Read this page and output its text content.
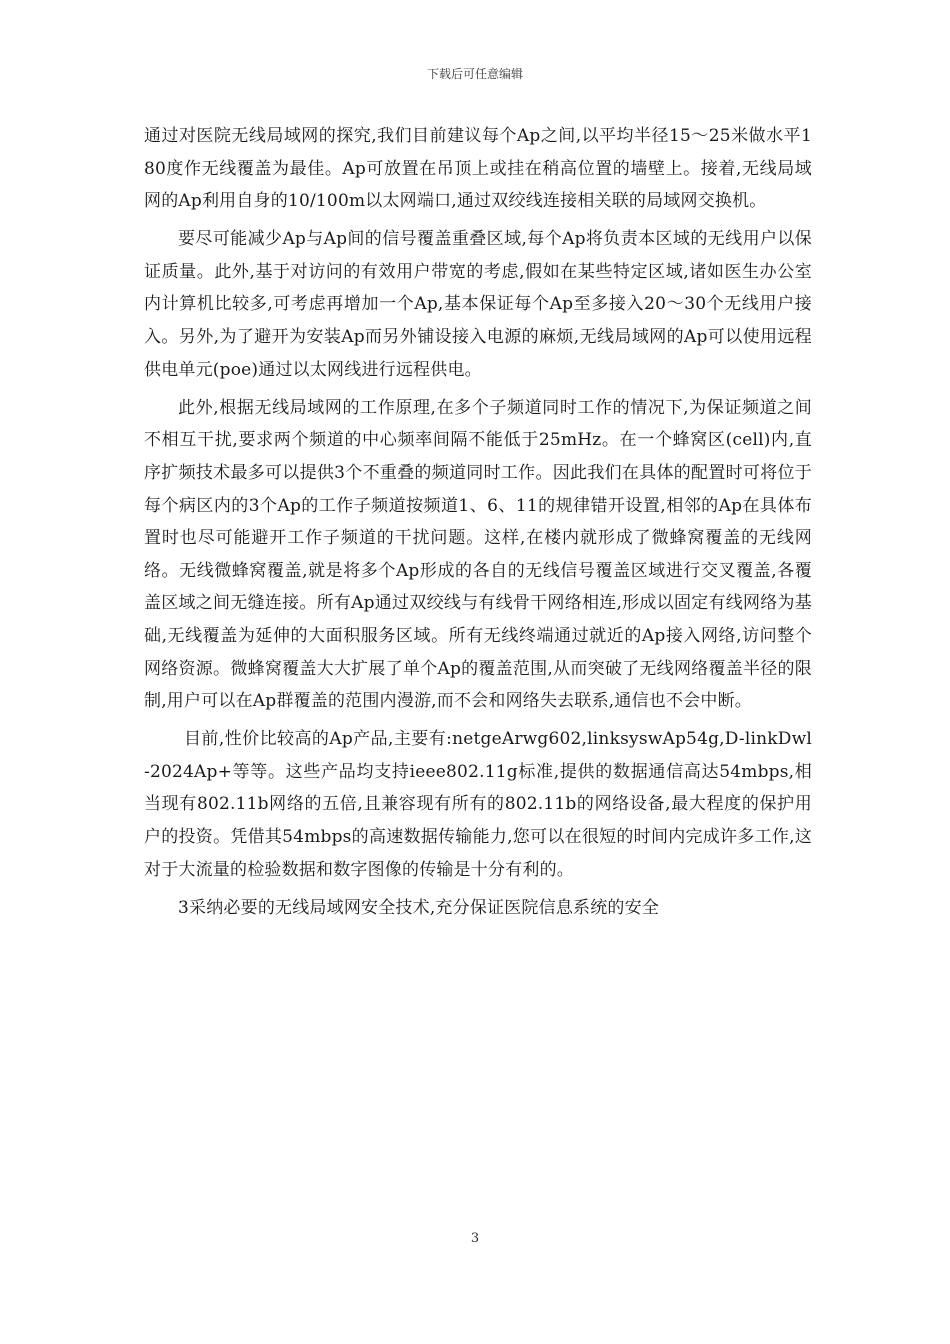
下载后可任意编辑

通过对医院无线局域网的探究,我们目前建议每个Ap之间,以平均半径15～25米做水平180度作无线覆盖为最佳。Ap可放置在吊顶上或挂在稍高位置的墙壁上。接着,无线局域网的Ap利用自身的10/100m以太网端口,通过双绞线连接相关联的局域网交换机。

要尽可能减少Ap与Ap间的信号覆盖重叠区域,每个Ap将负责本区域的无线用户以保证质量。此外,基于对访问的有效用户带宽的考虑,假如在某些特定区域,诸如医生办公室内计算机比较多,可考虑再增加一个Ap,基本保证每个Ap至多接入20～30个无线用户接入。另外,为了避开为安装Ap而另外铺设接入电源的麻烦,无线局域网的Ap可以使用远程供电单元(poe)通过以太网线进行远程供电。

此外,根据无线局域网的工作原理,在多个子频道同时工作的情况下,为保证频道之间不相互干扰,要求两个频道的中心频率间隔不能低于25mHz。在一个蜂窝区(cell)内,直序扩频技术最多可以提供3个不重叠的频道同时工作。因此我们在具体的配置时可将位于每个病区内的3个Ap的工作子频道按频道1、6、11的规律错开设置,相邻的Ap在具体布置时也尽可能避开工作子频道的干扰问题。这样,在楼内就形成了微蜂窝覆盖的无线网络。无线微蜂窝覆盖,就是将多个Ap形成的各自的无线信号覆盖区域进行交叉覆盖,各覆盖区域之间无缝连接。所有Ap通过双绞线与有线骨干网络相连,形成以固定有线网络为基础,无线覆盖为延伸的大面积服务区域。所有无线终端通过就近的Ap接入网络,访问整个网络资源。微蜂窝覆盖大大扩展了单个Ap的覆盖范围,从而突破了无线网络覆盖半径的限制,用户可以在Ap群覆盖的范围内漫游,而不会和网络失去联系,通信也不会中断。

目前,性价比较高的Ap产品,主要有:netgeArwg602,linksyswAp54g,D-linkDwl-2024Ap+等等。这些产品均支持ieee802.11g标准,提供的数据通信高达54mbps,相当现有802.11b网络的五倍,且兼容现有所有的802.11b的网络设备,最大程度的保护用户的投资。凭借其54mbps的高速数据传输能力,您可以在很短的时间内完成许多工作,这对于大流量的检验数据和数字图像的传输是十分有利的。

3采纳必要的无线局域网安全技术,充分保证医院信息系统的安全

3
